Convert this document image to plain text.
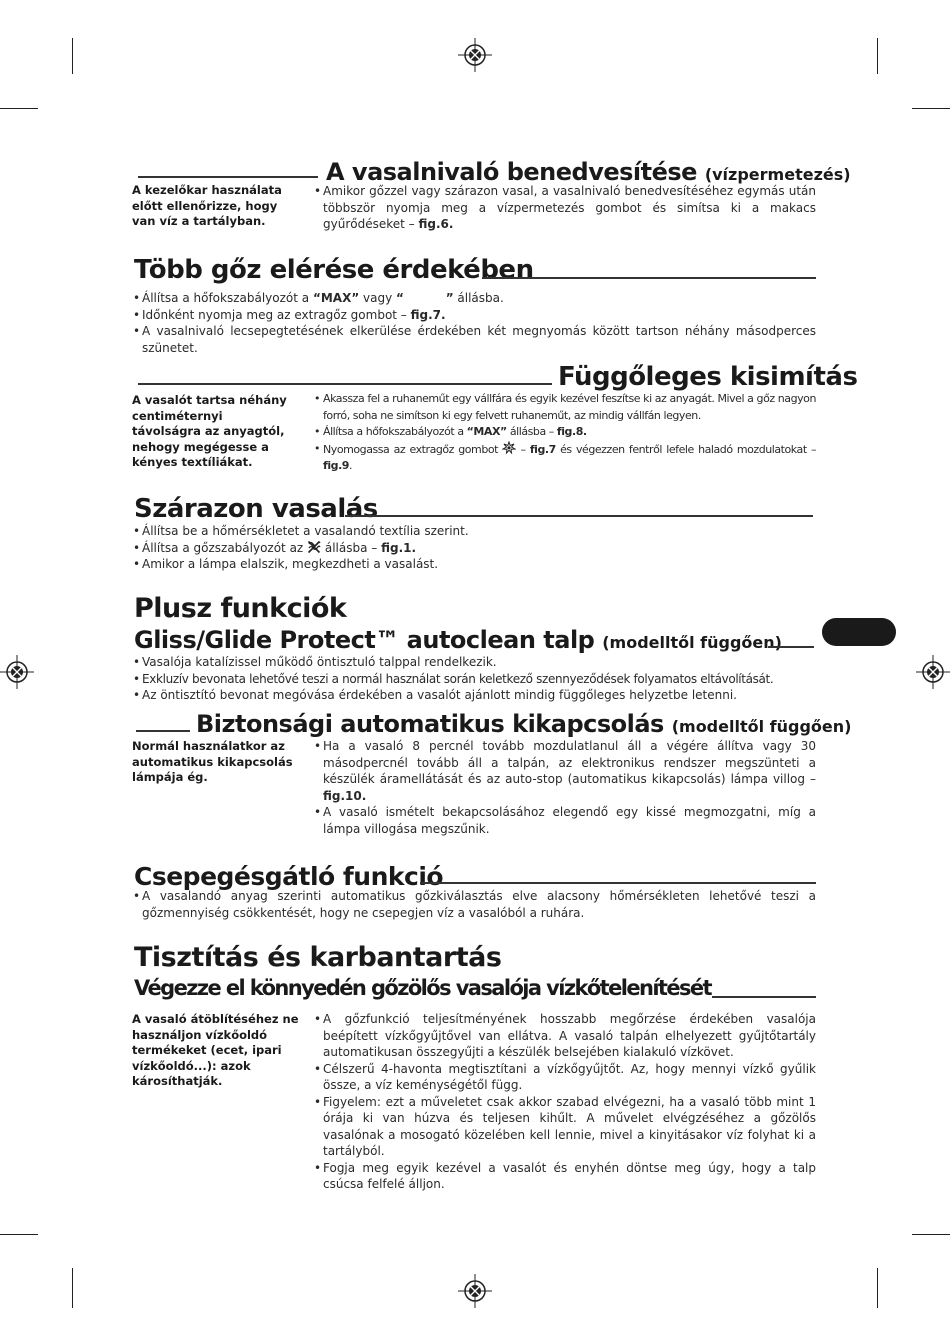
A vasalnivaló benedvesítése (vízpermetezés)
A kezelőkar használata előtt ellenőrizze, hogy van víz a tartályban.
• Amikor gőzzel vagy szárazon vasal, a vasalnivaló benedvesítéséhez egymás után többször nyomja meg a vízpermetezés gombot és simítsa ki a makacs gyűrődéseket – fig.6.
Több gőz elérése érdekében
• Állítsa a hőfokszabályozót a “MAX” vagy “          ” állásba.
• Időnként nyomja meg az extragőz gombot – fig.7.
• A vasalnivaló lecsepegtetésének elkerülése érdekében két megnyomás között tartson néhány másodperces szünetet.
Függőleges kisimítás
A vasalót tartsa néhány centiméternyi távolságra az anyagtól, nehogy megégesse a kényes textíliákat.
• Akassza fel a ruhaneműt egy vállfára és egyik kezével feszítse ki az anyagát. Mivel a gőz nagyon forró, soha ne simítson ki egy felvett ruhaneműt, az mindig vállfán legyen.
• Állítsa a hőfokszabályozót a “MAX” állásba – fig.8.
• Nyomogassa az extragőz gombot  – fig.7 és végezzen fentről lefele haladó mozdulatokat – fig.9.
Szárazon vasalás
• Állítsa be a hőmérsékletet a vasalandó textília szerint.
• Állítsa a gőzszabályozót az  állásba – fig.1.
• Amikor a lámpa elalszik, megkezdheti a vasalást.
Plusz funkciók
Gliss/Glide Protect™ autoclean talp (modelltől függően)
• Vasalója katalízissel működő öntisztuló talppal rendelkezik.
• Exkluzív bevonata lehetővé teszi a normál használat során keletkező szennyeződések folyamatos eltávolítását.
• Az öntisztító bevonat megóvása érdekében a vasalót ajánlott mindig függőleges helyzetbe letenni.
Biztonsági automatikus kikapcsolás (modelltől függően)
Normál használatkor az automatikus kikapcsolás lámpája ég.
• Ha a vasaló 8 percnél tovább mozdulatlanul áll a végére állítva vagy 30 másodpercnél tovább áll a talpán, az elektronikus rendszer megszünteti a készülék áramellátását és az auto-stop (automatikus kikapcsolás) lámpa villog – fig.10.
• A vasaló ismételt bekapcsolásához elegendő egy kissé megmozgatni, míg a lámpa villogása megszűnik.
Csepegésgátló funkció
• A vasalandó anyag szerinti automatikus gőzkiválasztás elve alacsony hőmérsékleten lehetővé teszi a gőzmennyiség csökkentését, hogy ne csepegjen víz a vasalóból a ruhára.
Tisztítás és karbantartás
Végezze el könnyedén gőzölős vasalója vízkőtelenítését
A vasaló átöblítéséhez ne használjon vízkőoldó termékeket (ecet, ipari vízkőoldó...): azok károsíthatják.
• A gőzfunkció teljesítményének hosszabb megőrzése érdekében vasalója beépített vízkőgyűjtővel van ellátva. A vasaló talpán elhelyezett gyűjtőtartály automatikusan összegyűjti a készülék belsejében kialakuló vízkövet.
• Célszerű 4-havonta megtisztítani a vízkőgyűjtőt. Az, hogy mennyi vízkő gyűlik össze, a víz keménységétől függ.
• Figyelem: ezt a műveletet csak akkor szabad elvégezni, ha a vasaló több mint 1 órája ki van húzva és teljesen kihűlt. A művelet elvégzéséhez a gőzölős vasalónak a mosogató közelében kell lennie, mivel a kinyitásakor víz folyhat ki a tartályból.
• Fogja meg egyik kezével a vasalót és enyhén döntse meg úgy, hogy a talp csúcsa felfelé álljon.
